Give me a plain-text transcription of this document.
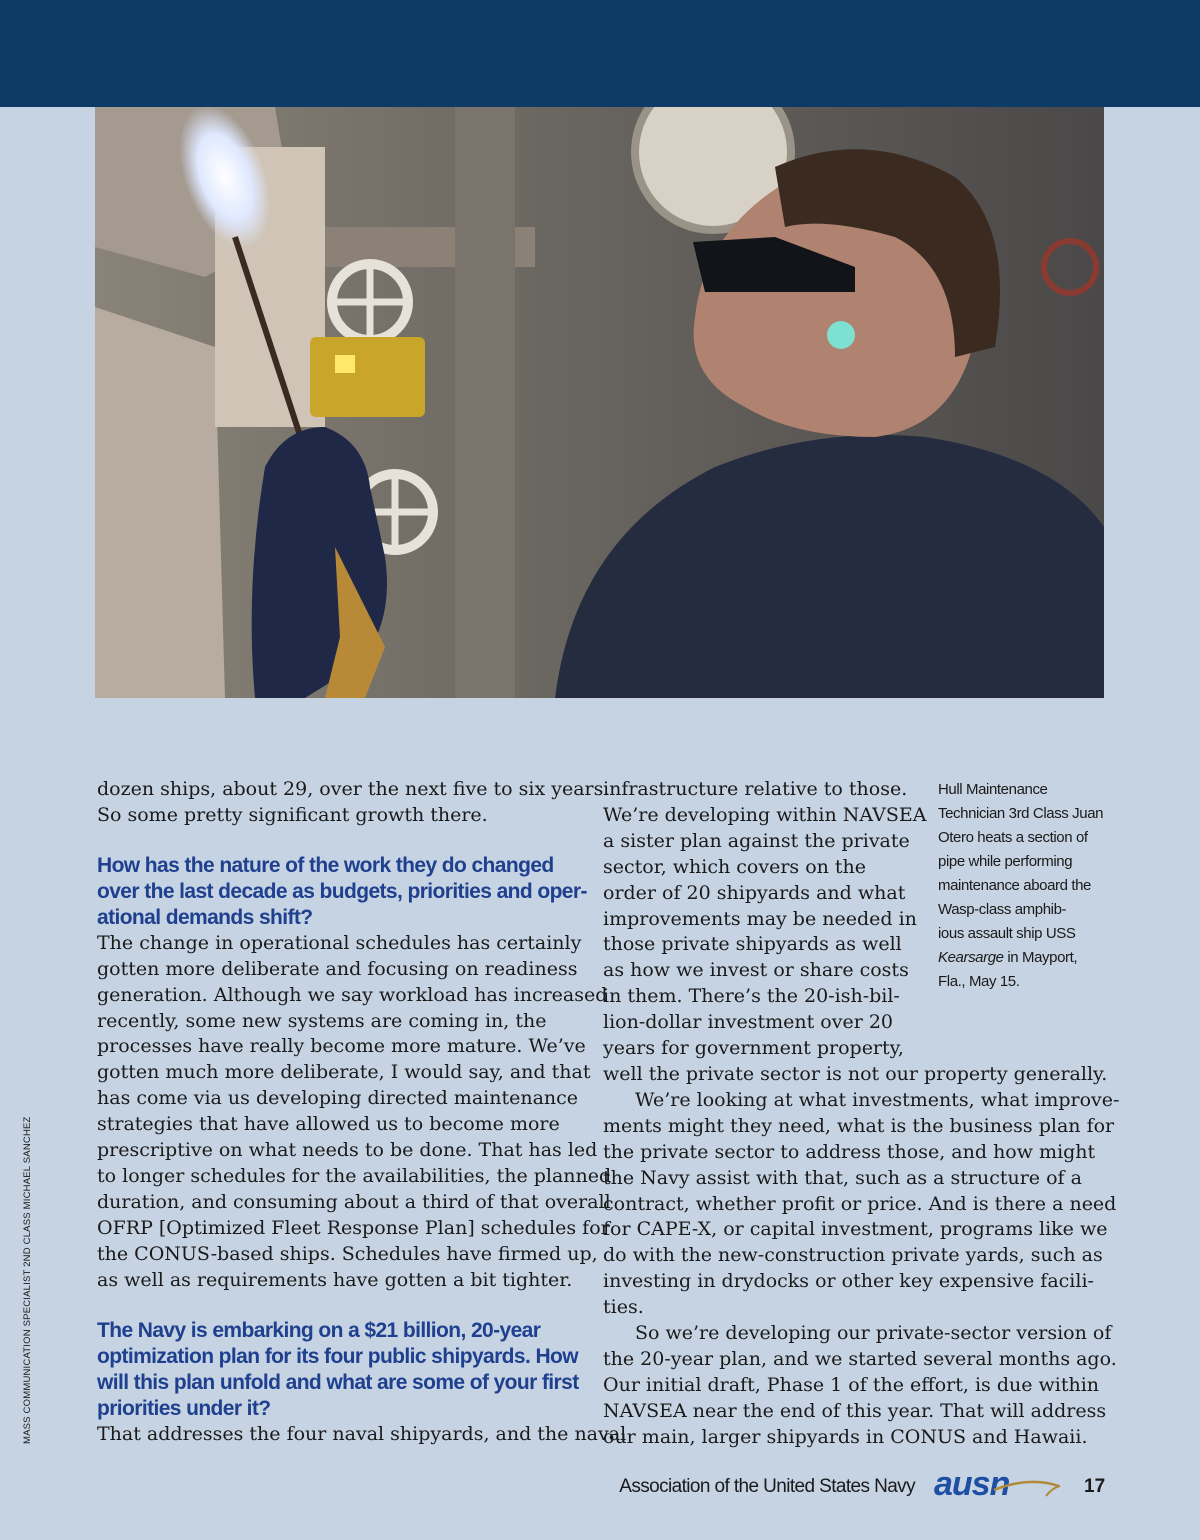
dozen ships, about 29, over the next five to six years.
So some pretty significant growth there.

How has the nature of the work they do changed
over the last decade as budgets, priorities and oper-
ational demands shift?

The change in operational schedules has certainly
gotten more deliberate and focusing on readiness
generation. Although we say workload has increased
recently, some new systems are coming in, the
processes have really become more mature. We’ve
gotten much more deliberate, I would say, and that
has come via us developing directed maintenance
strategies that have allowed us to become more
prescriptive on what needs to be done. That has led
to longer schedules for the availabilities, the planned
duration, and consuming about a third of that overall
OFRP [Optimized Fleet Response Plan] schedules for
the CONUS-based ships. Schedules have firmed up,
as well as requirements have gotten a bit tighter.

The Navy is embarking on a $21 billion, 20-year
optimization plan for its four public shipyards. How
will this plan unfold and what are some of your first
priorities under it?

That addresses the four naval shipyards, and the naval

infrastructure relative to those.
We’re developing within NAVSEA
a sister plan against the private
sector, which covers on the
order of 20 shipyards and what
improvements may be needed in
those private shipyards as well
as how we invest or share costs
in them. There’s the 20-ish-bil-
lion-dollar investment over 20
years for government property,

well the private sector is not our property generally.

We’re looking at what investments, what improve-
ments might they need, what is the business plan for
the private sector to address those, and how might
the Navy assist with that, such as a structure of a
contract, whether profit or price. And is there a need
for CAPE-X, or capital investment, programs like we
do with the new-construction private yards, such as
investing in drydocks or other key expensive facili-
ties.

So we’re developing our private-sector version of
the 20-year plan, and we started several months ago.
Our initial draft, Phase 1 of the effort, is due within
NAVSEA near the end of this year. That will address
our main, larger shipyards in CONUS and Hawaii.

Hull Maintenance
Technician 3rd Class Juan
Otero heats a section of
pipe while performing
maintenance aboard the
Wasp-class amphib-
ious assault ship USS
Kearsarge in Mayport,
Fla., May 15.
MASS COMMUNICATION SPECIALIST 2ND CLASS MICHAEL SANCHEZ
Association of the United States Navy ausn	17
